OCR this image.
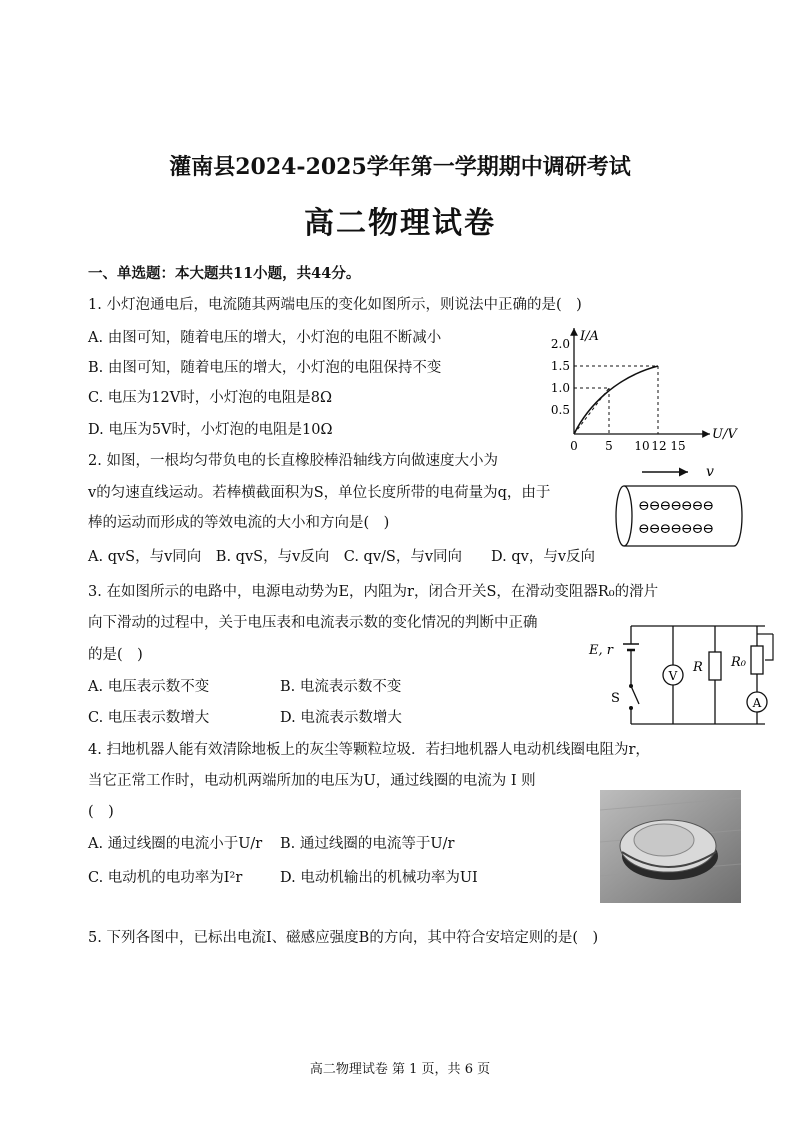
灌南县2024-2025学年第一学期期中调研考试
高二物理试卷
一、单选题：本大题共11小题，共44分。
1. 小灯泡通电后，电流随其两端电压的变化如图所示，则说法中正确的是(　)
A. 由图可知，随着电压的增大，小灯泡的电阻不断减小
B. 由图可知，随着电压的增大，小灯泡的电阻保持不变
C. 电压为12V时，小灯泡的电阻是8Ω
D. 电压为5V时，小灯泡的电阻是10Ω
I/A
U/V
2.0
1.5
1.0
0.5
0 5 10 12 15
2. 如图，一根均匀带负电的长直橡胶棒沿轴线方向做速度大小为
v的匀速直线运动。若棒横截面积为S，单位长度所带的电荷量为q，由于
棒的运动而形成的等效电流的大小和方向是(　)
A. qvS，与v同向　B. qvS，与v反向　C. qv/S，与v同向　　D. qv，与v反向
v
⊖⊖⊖⊖⊖⊖⊖
⊖⊖⊖⊖⊖⊖⊖
3. 在如图所示的电路中，电源电动势为E，内阻为r，闭合开关S，在滑动变阻器R₀的滑片
向下滑动的过程中，关于电压表和电流表示数的变化情况的判断中正确
的是(　)
A. 电压表示数不变	B. 电流表示数不变
C. 电压表示数增大	D. 电流表示数增大
E, r
S
V
R
A
R₀
4. 扫地机器人能有效清除地板上的灰尘等颗粒垃圾．若扫地机器人电动机线圈电阻为r，
当它正常工作时，电动机两端所加的电压为U，通过线圈的电流为 I 则
(　)
A. 通过线圈的电流小于U/r B. 通过线圈的电流等于U/r
C. 电动机的电功率为I²r	D. 电动机输出的机械功率为UI
5. 下列各图中，已标出电流I、磁感应强度B的方向，其中符合安培定则的是(　)
高二物理试卷 第 1 页，共 6 页
